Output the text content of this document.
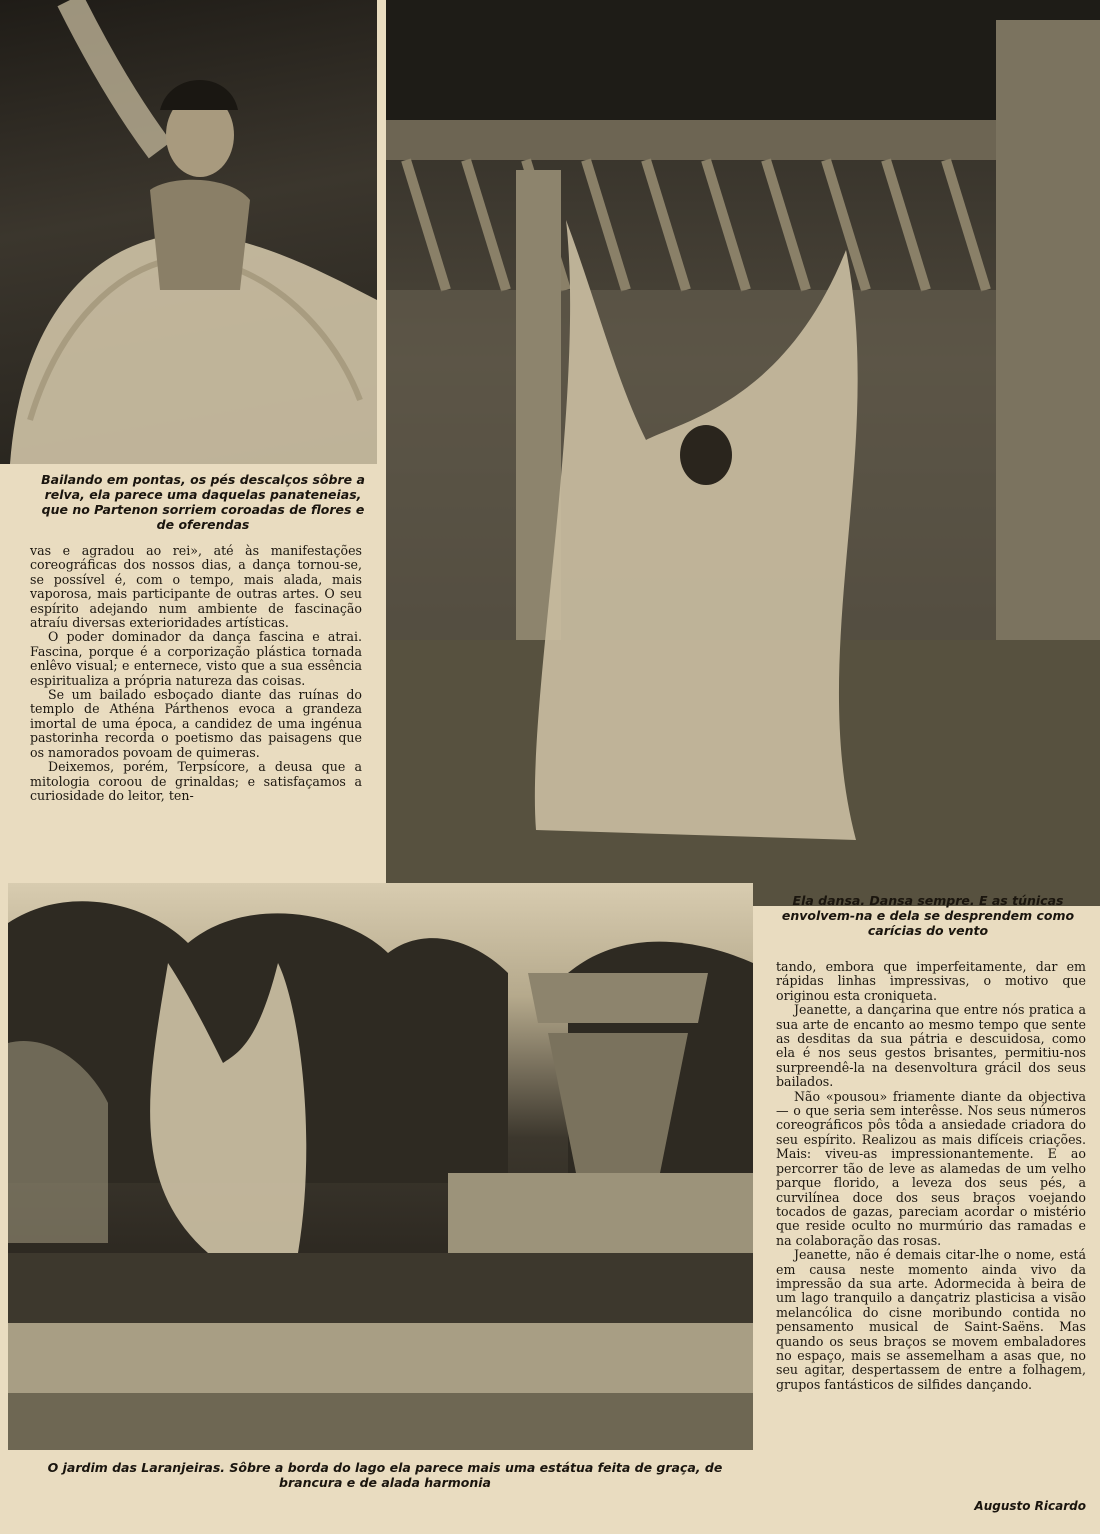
Bailando em pontas, os pés descalços sôbre a relva, ela parece uma daquelas panateneias, que no Partenon sorriem coroadas de flores e de oferendas

vas e agradou ao rei», até às manifestações coreográficas dos nossos dias, a dança tornou-se, se possível é, com o tempo, mais alada, mais vaporosa, mais participante de outras artes. O seu espírito adejando num ambiente de fascinação atraíu diversas exterioridades artísticas.

O poder dominador da dança fascina e atrai. Fascina, porque é a corporização plástica tornada enlêvo visual; e enternece, visto que a sua essência espiritualiza a própria natureza das coisas.

Se um bailado esboçado diante das ruínas do templo de Athéna Párthenos evoca a grandeza imortal de uma época, a candidez de uma ingénua pastorinha recorda o poetismo das paisagens que os namorados povoam de quimeras.

Deixemos, porém, Terpsícore, a deusa que a mitologia coroou de grinaldas; e satisfaçamos a curiosidade do leitor, ten-

Ela dansa. Dansa sempre. E as túnicas envolvem-na e dela se desprendem como carícias do vento

tando, embora que imperfeitamente, dar em rápidas linhas impressivas, o motivo que originou esta croniqueta.

Jeanette, a dançarina que entre nós pratica a sua arte de encanto ao mesmo tempo que sente as desditas da sua pátria e descuidosa, como ela é nos seus gestos brisantes, permitiu-nos surpreendê-la na desenvoltura grácil dos seus bailados.

Não «pousou» friamente diante da objectiva — o que seria sem interêsse. Nos seus números coreográficos pôs tôda a ansiedade criadora do seu espírito. Realizou as mais difíceis criações. Mais: viveu-as impressionantemente. E ao percorrer tão de leve as alamedas de um velho parque florido, a leveza dos seus pés, a curvilínea doce dos seus braços voejando tocados de gazas, pareciam acordar o mistério que reside oculto no murmúrio das ramadas e na colaboração das rosas.

Jeanette, não é demais citar-lhe o nome, está em causa neste momento ainda vivo da impressão da sua arte. Adormecida à beira de um lago tranquilo a dançatriz plasticisa a visão melancólica do cisne moribundo contida no pensamento musical de Saint-Saëns. Mas quando os seus braços se movem embaladores no espaço, mais se assemelham a asas que, no seu agitar, despertassem de entre a folhagem, grupos fantásticos de silfides dançando.

O jardim das Laranjeiras. Sôbre a borda do lago ela parece mais uma estátua feita de graça, de brancura e de alada harmonia

Augusto Ricardo
